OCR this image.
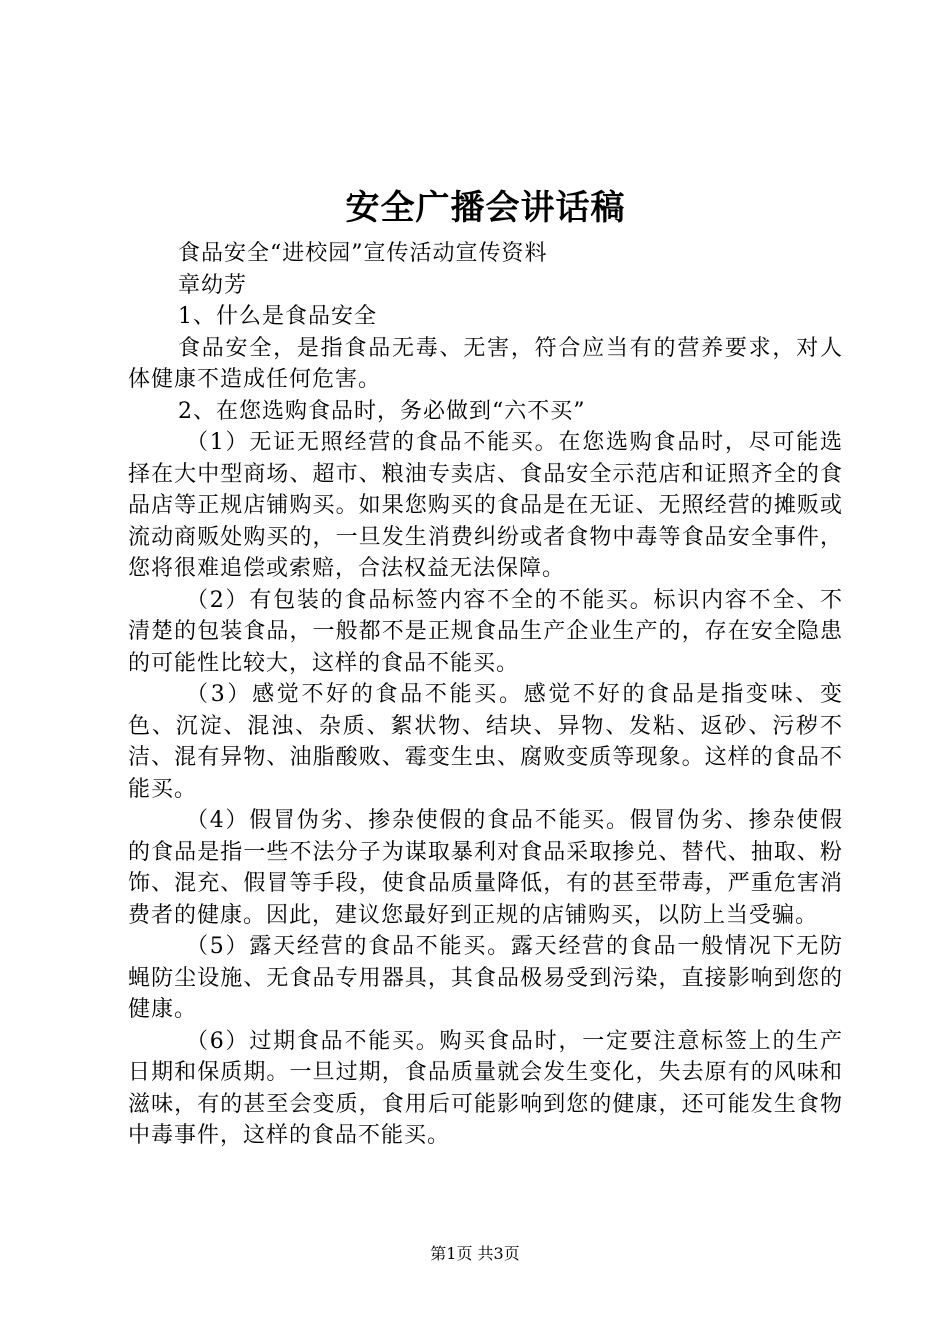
安全广播会讲话稿

食品安全“进校园”宣传活动宣传资料

章幼芳

1、什么是食品安全

食品安全，是指食品无毒、无害，符合应当有的营养要求，对人体健康不造成任何危害。

2、在您选购食品时，务必做到“六不买”

（1）无证无照经营的食品不能买。在您选购食品时，尽可能选择在大中型商场、超市、粮油专卖店、食品安全示范店和证照齐全的食品店等正规店铺购买。如果您购买的食品是在无证、无照经营的摊贩或流动商贩处购买的，一旦发生消费纠纷或者食物中毒等食品安全事件，您将很难追偿或索赔，合法权益无法保障。

（2）有包装的食品标签内容不全的不能买。标识内容不全、不清楚的包装食品，一般都不是正规食品生产企业生产的，存在安全隐患的可能性比较大，这样的食品不能买。

（3）感觉不好的食品不能买。感觉不好的食品是指变味、变色、沉淀、混浊、杂质、絮状物、结块、异物、发粘、返砂、污秽不洁、混有异物、油脂酸败、霉变生虫、腐败变质等现象。这样的食品不能买。

（4）假冒伪劣、掺杂使假的食品不能买。假冒伪劣、掺杂使假的食品是指一些不法分子为谋取暴利对食品采取掺兑、替代、抽取、粉饰、混充、假冒等手段，使食品质量降低，有的甚至带毒，严重危害消费者的健康。因此，建议您最好到正规的店铺购买，以防上当受骗。

（5）露天经营的食品不能买。露天经营的食品一般情况下无防蝇防尘设施、无食品专用器具，其食品极易受到污染，直接影响到您的健康。

（6）过期食品不能买。购买食品时，一定要注意标签上的生产日期和保质期。一旦过期，食品质量就会发生变化，失去原有的风味和滋味，有的甚至会变质，食用后可能影响到您的健康，还可能发生食物中毒事件，这样的食品不能买。

第1页 共3页
